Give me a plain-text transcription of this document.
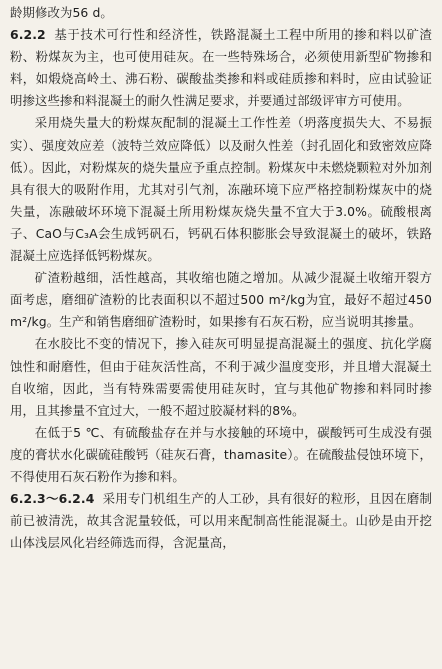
龄期修改为56 d。

6.2.2 基于技术可行性和经济性，铁路混凝土工程中所用的掺和料以矿渣粉、粉煤灰为主，也可使用硅灰。在一些特殊场合，必须使用新型矿物掺和料，如煅烧高岭土、沸石粉、碳酸盐类掺和料或硅质掺和料时，应由试验证明掺这些掺和料混凝土的耐久性满足要求，并要通过部级评审方可使用。

采用烧失量大的粉煤灰配制的混凝土工作性差（坍落度损失大、不易振实）、强度效应差（波特兰效应降低）以及耐久性差（封孔固化和致密效应降低）。因此，对粉煤灰的烧失量应予重点控制。粉煤灰中未燃烧颗粒对外加剂具有很大的吸附作用，尤其对引气剂，冻融环境下应严格控制粉煤灰中的烧失量，冻融破坏环境下混凝土所用粉煤灰烧失量不宜大于3.0%。硫酸根离子、CaO与C₃A会生成钙矾石，钙矾石体积膨胀会导致混凝土的破坏，铁路混凝土应选择低钙粉煤灰。

矿渣粉越细，活性越高，其收缩也随之增加。从减少混凝土收缩开裂方面考虑，磨细矿渣粉的比表面积以不超过500 m²/kg为宜，最好不超过450 m²/kg。生产和销售磨细矿渣粉时，如果掺有石灰石粉，应当说明其掺量。

在水胶比不变的情况下，掺入硅灰可明显提高混凝土的强度、抗化学腐蚀性和耐磨性，但由于硅灰活性高，不利于减少温度变形，并且增大混凝土自收缩，因此，当有特殊需要需使用硅灰时，宜与其他矿物掺和料同时掺用，且其掺量不宜过大，一般不超过胶凝材料的8%。

在低于5 ℃、有硫酸盐存在并与水接触的环境中，碳酸钙可生成没有强度的膏状水化碳硫硅酸钙（硅灰石膏，thamasite）。在硫酸盐侵蚀环境下，不得使用石灰石粉作为掺和料。

6.2.3～6.2.4 采用专门机组生产的人工砂，具有很好的粒形，且因在磨制前已被清洗，故其含泥量较低，可以用来配制高性能混凝土。山砂是由开挖山体浅层风化岩经筛选而得，含泥量高，
